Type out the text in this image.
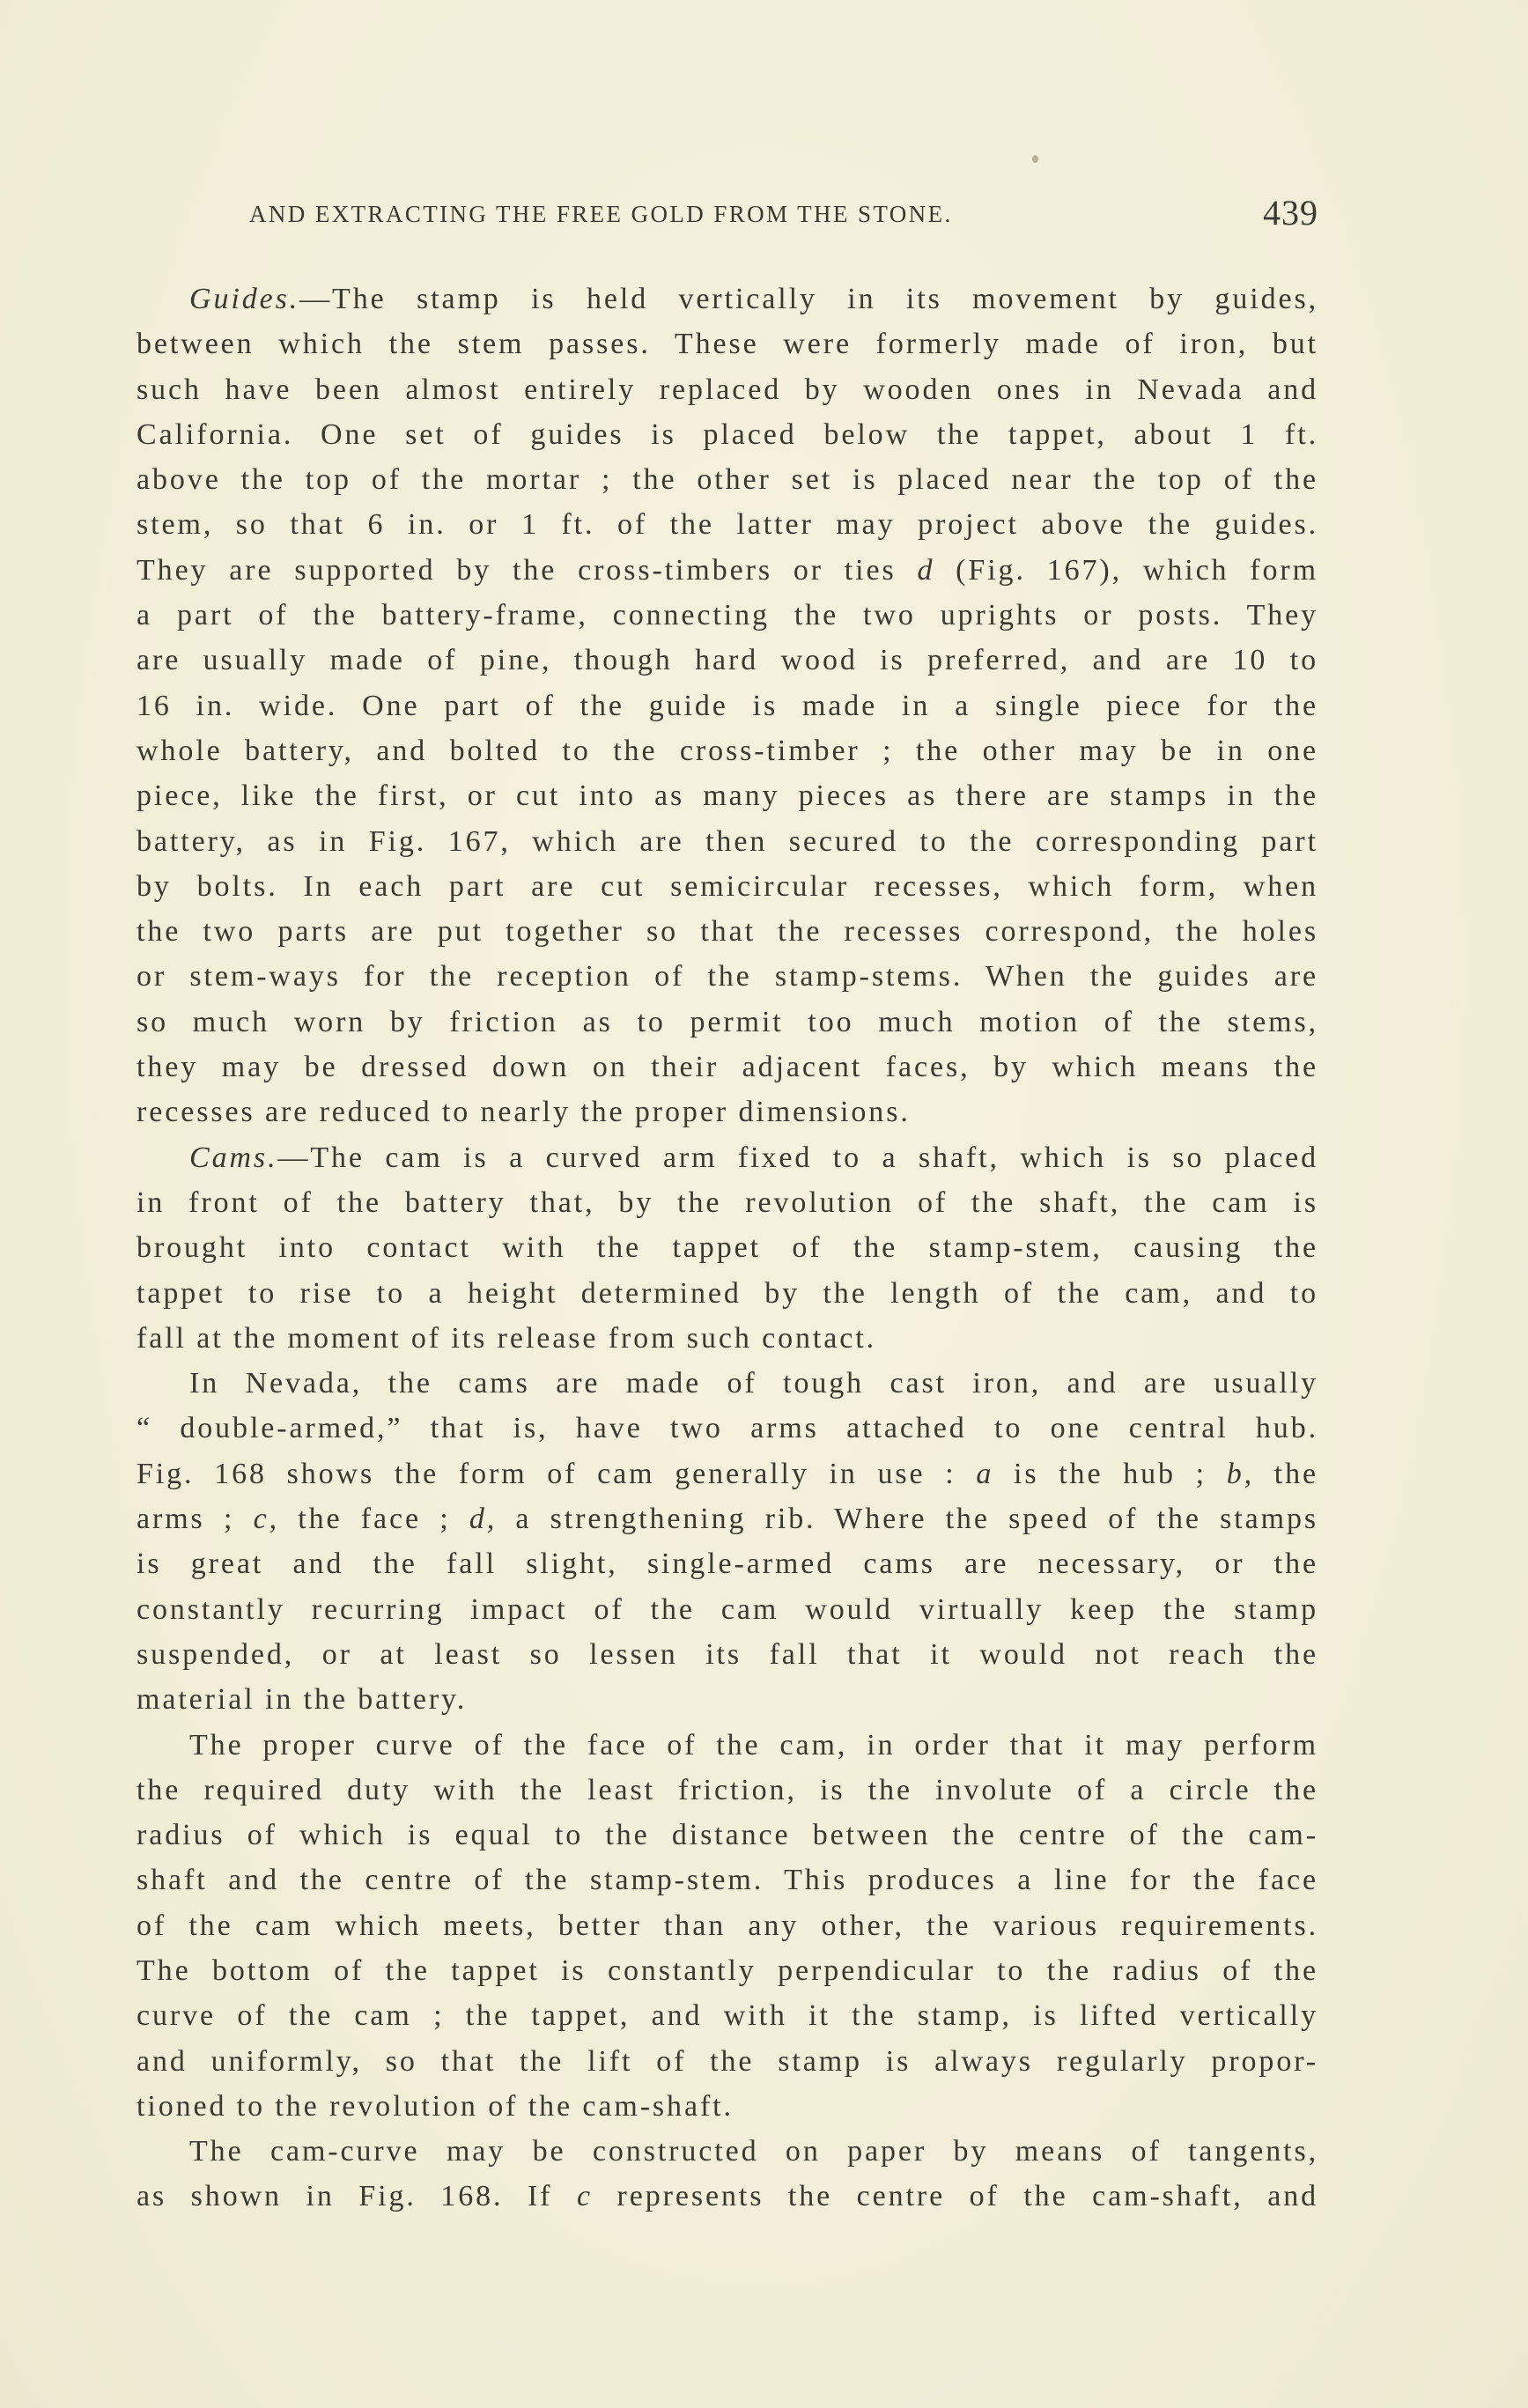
AND EXTRACTING THE FREE GOLD FROM THE STONE.	439
Guides.—The stamp is held vertically in its movement by guides,
between which the stem passes. These were formerly made of iron, but
such have been almost entirely replaced by wooden ones in Nevada and
California. One set of guides is placed below the tappet, about 1 ft.
above the top of the mortar ; the other set is placed near the top of the
stem, so that 6 in. or 1 ft. of the latter may project above the guides.
They are supported by the cross-timbers or ties d (Fig. 167), which form
a part of the battery-frame, connecting the two uprights or posts. They
are usually made of pine, though hard wood is preferred, and are 10 to
16 in. wide. One part of the guide is made in a single piece for the
whole battery, and bolted to the cross-timber ; the other may be in one
piece, like the first, or cut into as many pieces as there are stamps in the
battery, as in Fig. 167, which are then secured to the corresponding part
by bolts. In each part are cut semicircular recesses, which form, when
the two parts are put together so that the recesses correspond, the holes
or stem-ways for the reception of the stamp-stems. When the guides are
so much worn by friction as to permit too much motion of the stems,
they may be dressed down on their adjacent faces, by which means the
recesses are reduced to nearly the proper dimensions.
Cams.—The cam is a curved arm fixed to a shaft, which is so placed
in front of the battery that, by the revolution of the shaft, the cam is
brought into contact with the tappet of the stamp-stem, causing the
tappet to rise to a height determined by the length of the cam, and to
fall at the moment of its release from such contact.
In Nevada, the cams are made of tough cast iron, and are usually
“ double-armed,” that is, have two arms attached to one central hub.
Fig. 168 shows the form of cam generally in use : a is the hub ; b, the
arms ; c, the face ; d, a strengthening rib. Where the speed of the stamps
is great and the fall slight, single-armed cams are necessary, or the
constantly recurring impact of the cam would virtually keep the stamp
suspended, or at least so lessen its fall that it would not reach the
material in the battery.
The proper curve of the face of the cam, in order that it may perform
the required duty with the least friction, is the involute of a circle the
radius of which is equal to the distance between the centre of the cam-
shaft and the centre of the stamp-stem. This produces a line for the face
of the cam which meets, better than any other, the various requirements.
The bottom of the tappet is constantly perpendicular to the radius of the
curve of the cam ; the tappet, and with it the stamp, is lifted vertically
and uniformly, so that the lift of the stamp is always regularly propor-
tioned to the revolution of the cam-shaft.
The cam-curve may be constructed on paper by means of tangents,
as shown in Fig. 168. If c represents the centre of the cam-shaft, and
